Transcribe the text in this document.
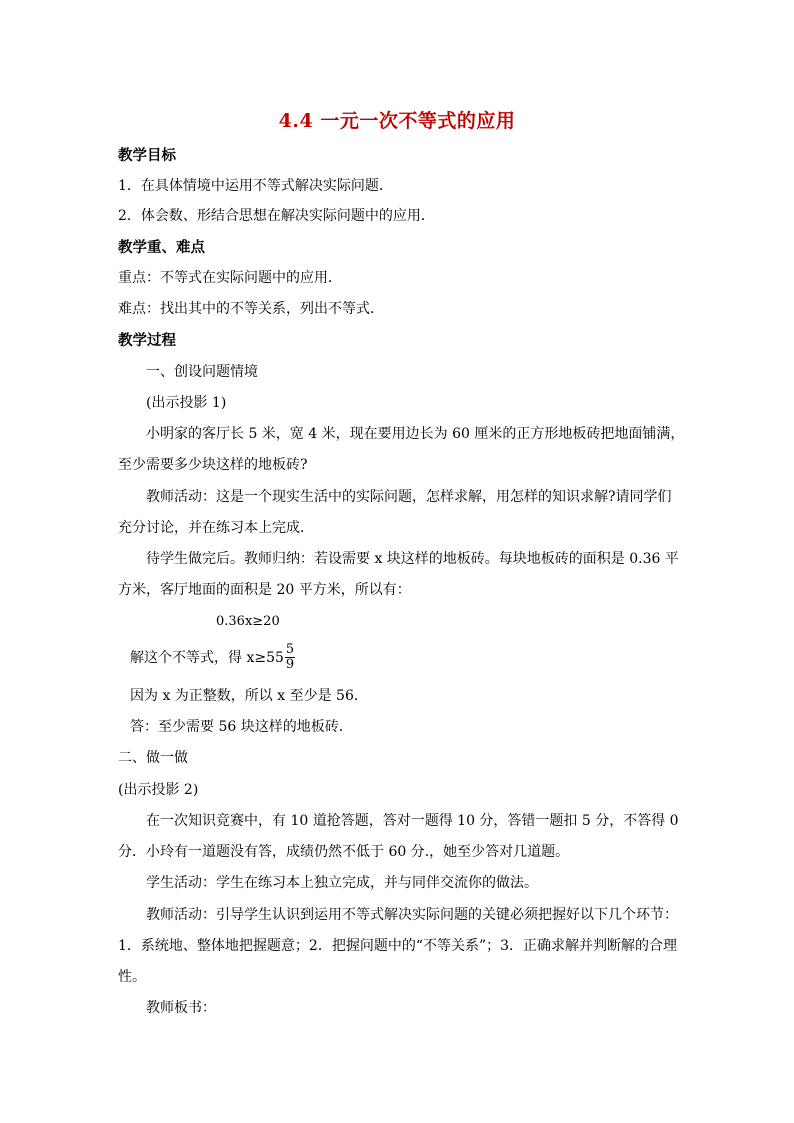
4.4 一元一次不等式的应用
教学目标
1．在具体情境中运用不等式解决实际问题．
2．体会数、形结合思想在解决实际问题中的应用．
教学重、难点
重点：不等式在实际问题中的应用．
难点：找出其中的不等关系，列出不等式．
教学过程
一、创设问题情境
(出示投影 1)
小明家的客厅长 5 米，宽 4 米，现在要用边长为 60 厘米的正方形地板砖把地面铺满，
至少需要多少块这样的地板砖?
教师活动：这是一个现实生活中的实际问题，怎样求解，用怎样的知识求解?请同学们
充分讨论，并在练习本上完成．
待学生做完后。教师归纳：若设需要 x 块这样的地板砖。每块地板砖的面积是 0.36 平
方米，客厅地面的面积是 20 平方米，所以有：
0.36x≥20
解这个不等式，得 $x\ge 55 \frac{5}{9}$
因为 x 为正整数，所以 x 至少是 56．
答：至少需要 56 块这样的地板砖．
二、做一做
(出示投影 2)
在一次知识竞赛中，有 10 道抢答题，答对一题得 10 分，答错一题扣 5 分，不答得 0
分．小玲有一道题没有答，成绩仍然不低于 60 分.，她至少答对几道题。
学生活动：学生在练习本上独立完成，并与同伴交流你的做法。
教师活动：引导学生认识到运用不等式解决实际问题的关键必须把握好以下几个环节：
1．系统地、整体地把握题意；2．把握问题中的“不等关系”；3．正确求解并判断解的合理
性。
教师板书：
